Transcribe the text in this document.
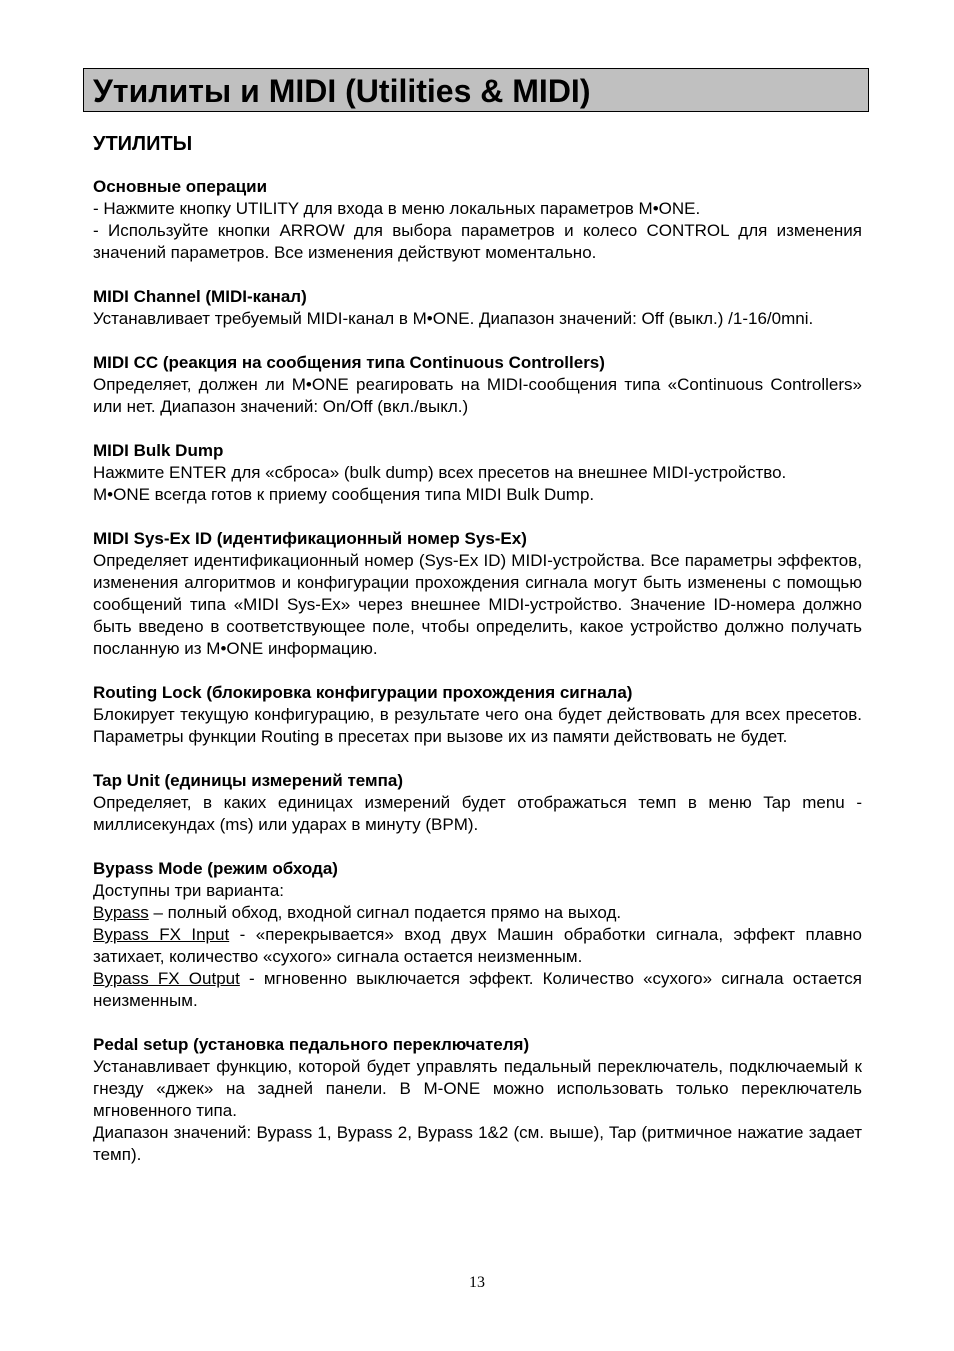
Утилиты и MIDI (Utilities & MIDI)
УТИЛИТЫ
Основные операции

- Нажмите кнопку UTILITY для входа в меню локальных параметров M•ONE.

- Используйте кнопки ARROW для выбора параметров и колесо CONTROL для изменения значений параметров. Все изменения действуют моментально.

MIDI Channel (MIDI-канал)

Устанавливает требуемый MIDI-канал в M•ONE. Диапазон значений: Off (выкл.) /1-16/0mni.

MIDI CC (реакция на сообщения типа Continuous Controllers)

Определяет, должен ли M•ONE реагировать на MIDI-сообщения типа «Continuous Controllers» или нет. Диапазон значений: On/Off (вкл./выкл.)

MIDI Bulk Dump

Нажмите ENTER для «сброса» (bulk dump) всех пресетов на внешнее MIDI-устройство.

M•ONE всегда готов к приему сообщения типа MIDI Bulk Dump.

MIDI Sys-Ex ID (идентификационный номер Sys-Ex)

Определяет идентификационный номер (Sys-Ex ID) MIDI-устройства. Все параметры эффектов, изменения алгоритмов и конфигурации прохождения сигнала могут быть изменены с помощью сообщений типа «MIDI Sys-Ex» через внешнее MIDI-устройство. Значение ID-номера должно быть введено в соответствующее поле, чтобы определить, какое устройство должно получать посланную из M•ONE информацию.

Routing Lock (блокировка конфигурации прохождения сигнала)

Блокирует текущую конфигурацию, в результате чего она будет действовать для всех пресетов. Параметры функции Routing в пресетах при вызове их из памяти действовать не будет.

Tap Unit (единицы измерений темпа)

Определяет, в каких единицах измерений будет отображаться темп в меню Tap menu - миллисекундах (ms) или ударах в минуту (BPM).

Bypass Mode (режим обхода)

Доступны три варианта:

Bypass – полный обход, входной сигнал подается прямо на выход.

Bypass FX Input - «перекрывается» вход двух Машин обработки сигнала, эффект плавно затихает, количество «сухого» сигнала остается неизменным.

Bypass FX Output - мгновенно выключается эффект. Количество «сухого» сигнала остается неизменным.

Pedal setup (установка педального переключателя)

Устанавливает функцию, которой будет управлять педальный переключатель, подключаемый к гнезду «джек» на задней панели. В M-ONE можно использовать только переключатель мгновенного типа.

Диапазон значений: Bypass 1, Bypass 2, Bypass 1&2 (см. выше), Tap (ритмичное нажатие задает темп).

13
